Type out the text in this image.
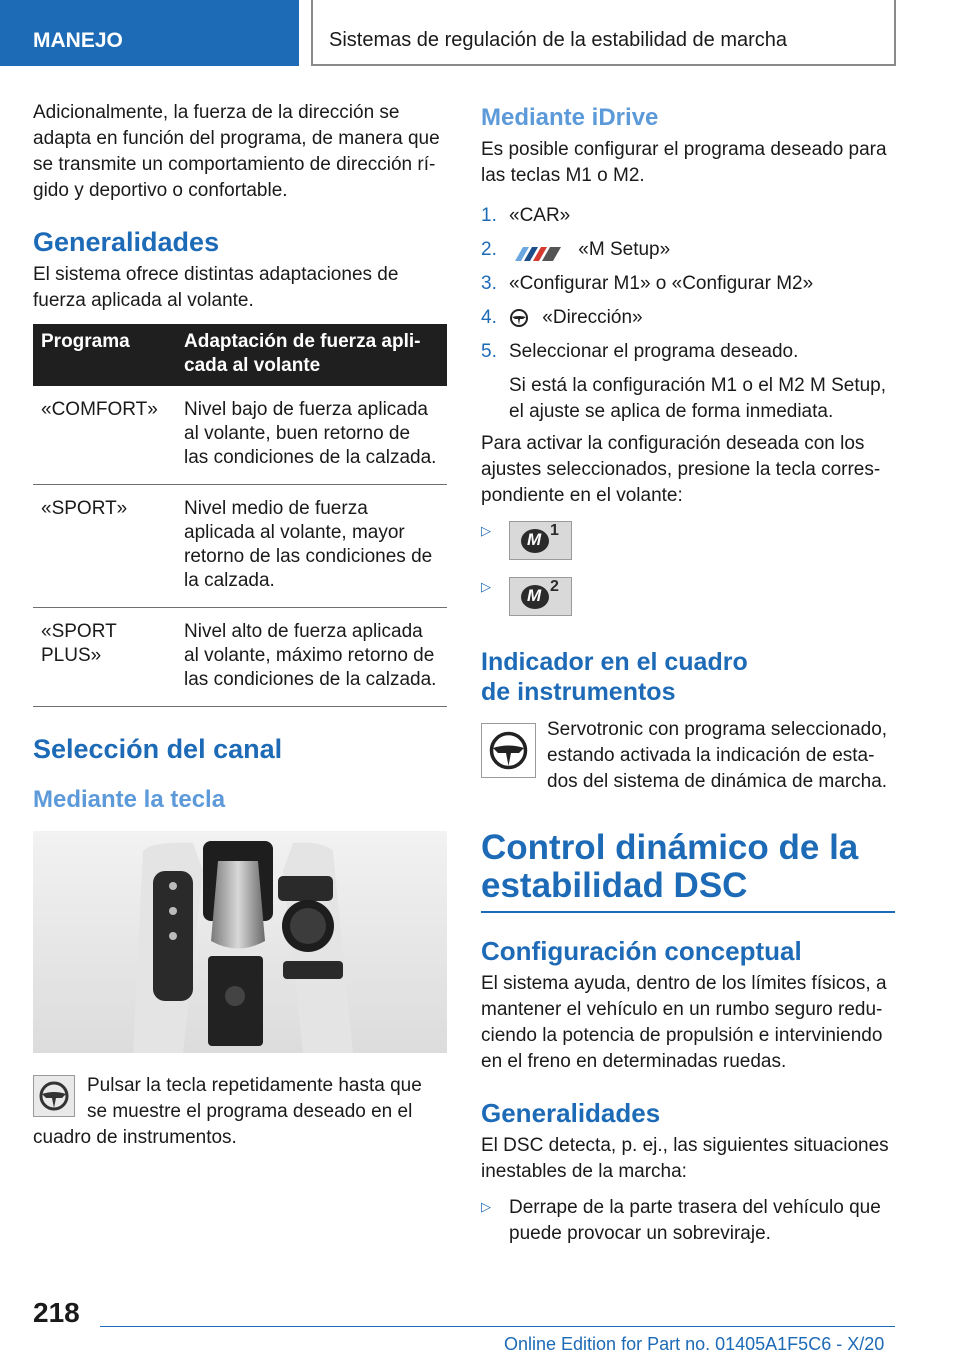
MANEJO	Sistemas de regulación de la estabilidad de marcha

Adicionalmente, la fuerza de la dirección se adapta en función del programa, de manera que se transmite un comportamiento de dirección rígido y deportivo o confortable.

Generalidades

El sistema ofrece distintas adaptaciones de fuerza aplicada al volante.

Programa	Adaptación de fuerza aplicada al volante
«COMFORT»	Nivel bajo de fuerza aplicada al volante, buen retorno de las condiciones de la calzada.
«SPORT»	Nivel medio de fuerza aplicada al volante, mayor retorno de las condiciones de la calzada.
«SPORT PLUS»	Nivel alto de fuerza aplicada al volante, máximo retorno de las condiciones de la calzada.
Selección del canal
Mediante la tecla

Pulsar la tecla repetidamente hasta que se muestre el programa deseado en el cuadro de instrumentos.

Mediante iDrive

Es posible configurar el programa deseado para las teclas M1 o M2.

1. «CAR»
2.	«M Setup»
3. «Configurar M1» o «Configurar M2»
4. «Dirección»
5. Seleccionar el programa deseado.
Si está la configuración M1 o el M2 M Setup, el ajuste se aplica de forma inmediata.

Para activar la configuración deseada con los ajustes seleccionados, presione la tecla correspondiente en el volante:

▷ M 1
▷ M 2
Indicador en el cuadro
de instrumentos

Servotronic con programa seleccionado, estando activada la indicación de estados del sistema de dinámica de marcha.

Control dinámico de la
estabilidad DSC
Configuración conceptual

El sistema ayuda, dentro de los límites físicos, a mantener el vehículo en un rumbo seguro reduciendo la potencia de propulsión e interviniendo en el freno en determinadas ruedas.

Generalidades

El DSC detecta, p. ej., las siguientes situaciones inestables de la marcha:

▷ Derrape de la parte trasera del vehículo que puede provocar un sobreviraje.

218
Online Edition for Part no. 01405A1F5C6 - X/20
